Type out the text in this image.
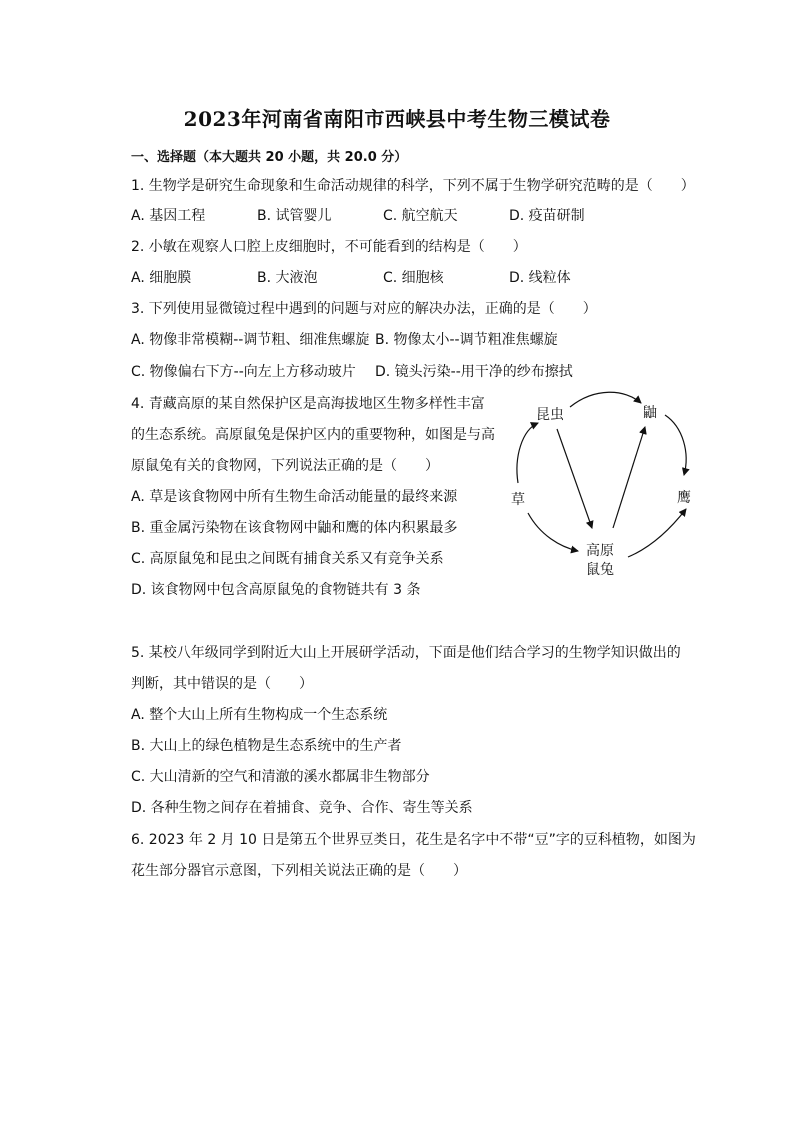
2023年河南省南阳市西峡县中考生物三模试卷
一、选择题（本大题共 20 小题，共 20.0 分）
1. 生物学是研究生命现象和生命活动规律的科学，下列不属于生物学研究范畴的是（　　）
A. 基因工程	B. 试管婴儿	C. 航空航天	D. 疫苗研制
2. 小敏在观察人口腔上皮细胞时，不可能看到的结构是（　　）
A. 细胞膜	B. 大液泡	C. 细胞核	D. 线粒体
3. 下列使用显微镜过程中遇到的问题与对应的解决办法，正确的是（　　）
A. 物像非常模糊--调节粗、细准焦螺旋 B. 物像太小--调节粗准焦螺旋
C. 物像偏右下方--向左上方移动玻片 D. 镜头污染--用干净的纱布擦拭
4. 青藏高原的某自然保护区是高海拔地区生物多样性丰富
的生态系统。高原鼠兔是保护区内的重要物种，如图是与高
原鼠兔有关的食物网，下列说法正确的是（　　）
A. 草是该食物网中所有生物生命活动能量的最终来源
B. 重金属污染物在该食物网中鼬和鹰的体内积累最多
C. 高原鼠兔和昆虫之间既有捕食关系又有竞争关系
D. 该食物网中包含高原鼠兔的食物链共有 3 条
昆虫	鼬
草	鹰
高原
鼠兔
5. 某校八年级同学到附近大山上开展研学活动，下面是他们结合学习的生物学知识做出的
判断，其中错误的是（　　）
A. 整个大山上所有生物构成一个生态系统
B. 大山上的绿色植物是生态系统中的生产者
C. 大山清新的空气和清澈的溪水都属非生物部分
D. 各种生物之间存在着捕食、竞争、合作、寄生等关系
6. 2023 年 2 月 10 日是第五个世界豆类日，花生是名字中不带“豆”字的豆科植物，如图为
花生部分器官示意图，下列相关说法正确的是（　　）
